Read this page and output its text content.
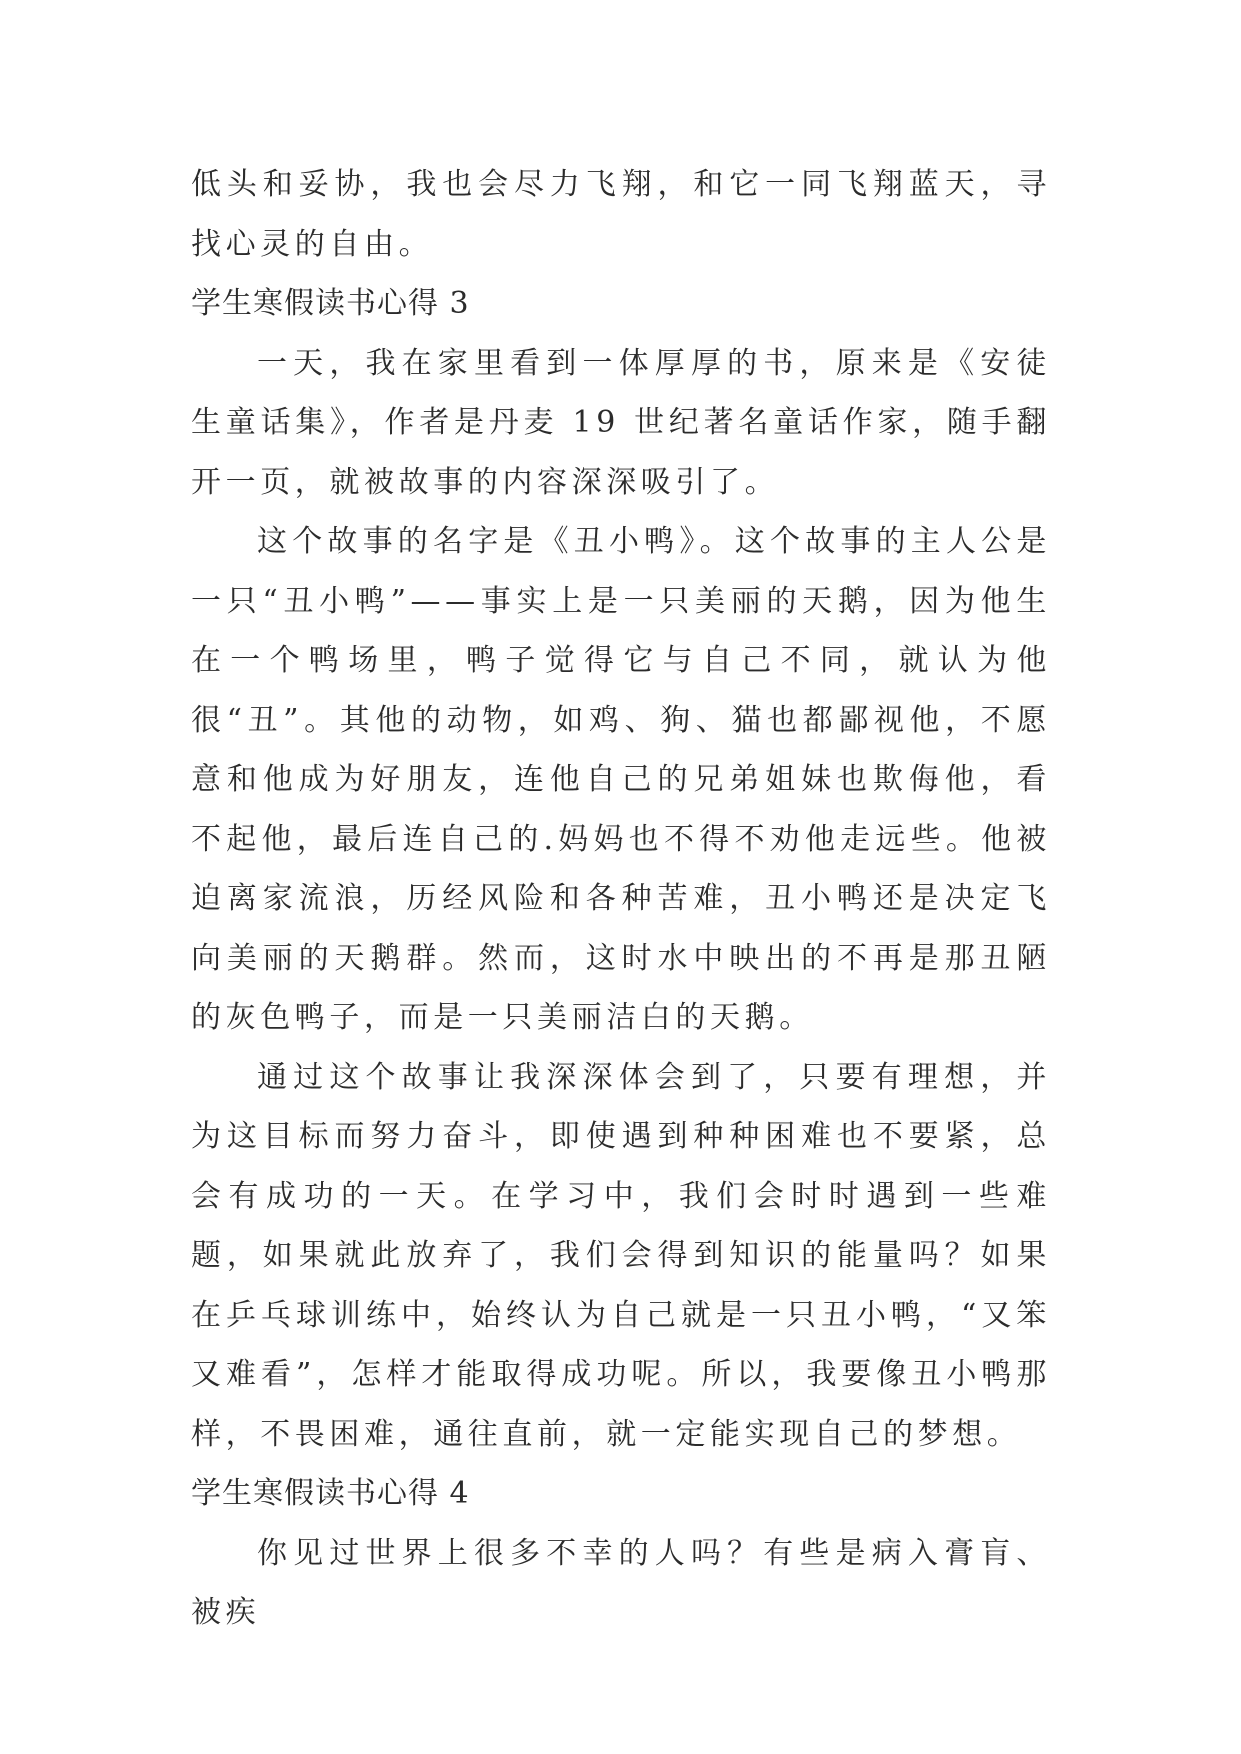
低头和妥协，我也会尽力飞翔，和它一同飞翔蓝天，寻找心灵的自由。

学生寒假读书心得 3

一天，我在家里看到一体厚厚的书，原来是《安徒生童话集》，作者是丹麦 19 世纪著名童话作家，随手翻开一页，就被故事的内容深深吸引了。

这个故事的名字是《丑小鸭》。这个故事的主人公是一只“丑小鸭”——事实上是一只美丽的天鹅，因为他生在一个鸭场里，鸭子觉得它与自己不同，就认为他很“丑”。其他的动物，如鸡、狗、猫也都鄙视他，不愿意和他成为好朋友，连他自己的兄弟姐妹也欺侮他，看不起他，最后连自己的.妈妈也不得不劝他走远些。他被迫离家流浪，历经风险和各种苦难，丑小鸭还是决定飞向美丽的天鹅群。然而，这时水中映出的不再是那丑陋的灰色鸭子，而是一只美丽洁白的天鹅。

通过这个故事让我深深体会到了，只要有理想，并为这目标而努力奋斗，即使遇到种种困难也不要紧，总会有成功的一天。在学习中，我们会时时遇到一些难题，如果就此放弃了，我们会得到知识的能量吗？如果在乒乓球训练中，始终认为自己就是一只丑小鸭，“又笨又难看”，怎样才能取得成功呢。所以，我要像丑小鸭那样，不畏困难，通往直前，就一定能实现自己的梦想。

学生寒假读书心得 4

你见过世界上很多不幸的人吗？有些是病入膏肓、被疾
